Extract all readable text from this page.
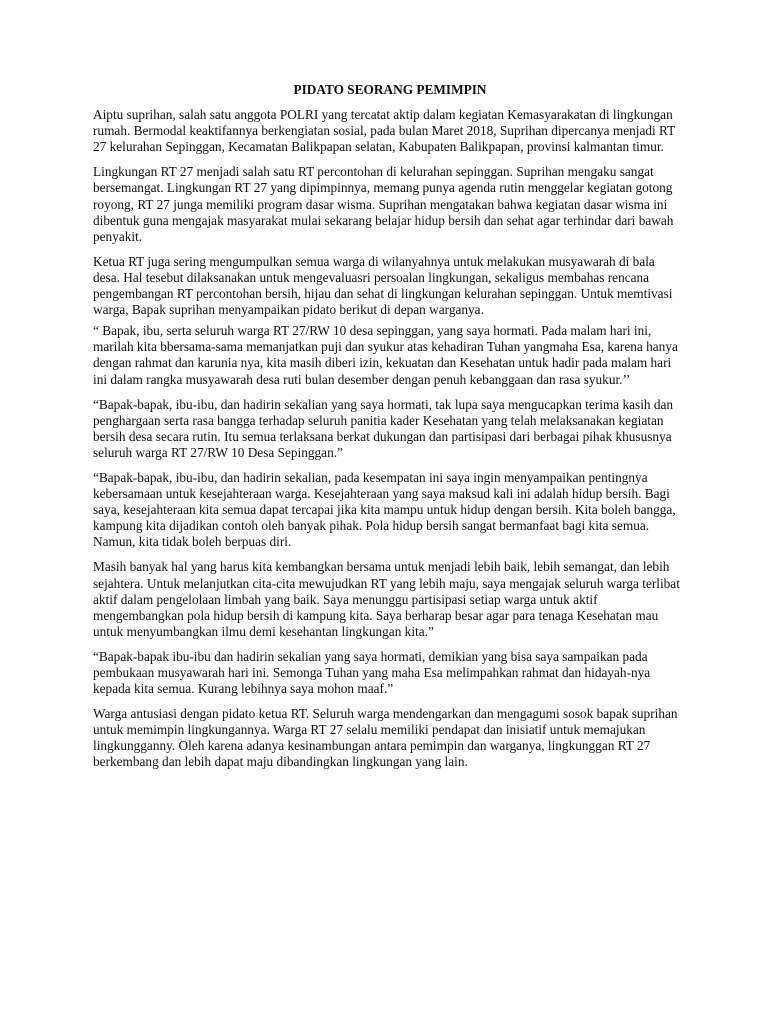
PIDATO SEORANG PEMIMPIN

Aiptu suprihan, salah satu anggota POLRI yang tercatat aktip dalam kegiatan Kemasyarakatan di lingkungan rumah. Bermodal keaktifannya berkengiatan sosial, pada bulan Maret 2018, Suprihan dipercanya menjadi RT 27 kelurahan Sepinggan, Kecamatan Balikpapan selatan, Kabupaten Balikpapan, provinsi kalmantan timur.

Lingkungan RT 27 menjadi salah satu RT percontohan di kelurahan sepinggan. Suprihan mengaku sangat bersemangat. Lingkungan RT 27 yang dipimpinnya, memang punya agenda rutin menggelar kegiatan gotong royong, RT 27 junga memiliki program dasar wisma. Suprihan mengatakan bahwa kegiatan dasar wisma ini dibentuk guna mengajak masyarakat mulai sekarang belajar hidup bersih dan sehat agar terhindar dari bawah penyakit.

Ketua RT juga sering mengumpulkan semua warga di wilanyahnya untuk melakukan musyawarah di bala desa. Hal tesebut dilaksanakan untuk mengevaluasri persoalan lingkungan, sekaligus membahas rencana pengembangan RT percontohan bersih, hijau dan sehat di lingkungan kelurahan sepinggan. Untuk memtivasi warga, Bapak suprihan menyampaikan pidato berikut di depan warganya.

“ Bapak, ibu, serta seluruh warga RT 27/RW 10 desa sepinggan, yang saya hormati. Pada malam hari ini, marilah kita bbersama-sama memanjatkan puji dan syukur atas kehadiran Tuhan yangmaha Esa, karena hanya dengan rahmat dan karunia nya, kita masih diberi izin, kekuatan dan Kesehatan untuk hadir pada malam hari ini dalam rangka musyawarah desa ruti bulan desember dengan penuh kebanggaan dan rasa syukur.’’

“Bapak-bapak, ibu-ibu, dan hadirin sekalian yang saya hormati, tak lupa saya mengucapkan terima kasih dan penghargaan serta rasa bangga terhadap seluruh panitia kader Kesehatan yang telah melaksanakan kegiatan bersih desa secara rutin. Itu semua terlaksana berkat dukungan dan partisipasi dari berbagai pihak khususnya seluruh warga RT 27/RW 10 Desa Sepinggan.”

“Bapak-bapak, ibu-ibu, dan hadirin sekalian, pada kesempatan ini saya ingin menyampaikan pentingnya kebersamaan untuk kesejahteraan warga. Kesejahteraan yang saya maksud kali ini adalah hidup bersih. Bagi saya, kesejahteraan kita semua dapat tercapai jika kita mampu untuk hidup dengan bersih. Kita boleh bangga, kampung kita dijadikan contoh oleh banyak pihak. Pola hidup bersih sangat bermanfaat bagi kita semua. Namun, kita tidak boleh berpuas diri.

Masih banyak hal yang harus kita kembangkan bersama untuk menjadi lebih baik, lebih semangat, dan lebih sejahtera. Untuk melanjutkan cita-cita mewujudkan RT yang lebih maju, saya mengajak seluruh warga terlibat aktif dalam pengelolaan limbah yang baik. Saya menunggu partisipasi setiap warga untuk aktif mengembangkan pola hidup bersih di kampung kita. Saya berharap besar agar para tenaga Kesehatan mau untuk menyumbangkan ilmu demi kesehantan lingkungan kita.”

“Bapak-bapak ibu-ibu dan hadirin sekalian yang saya hormati, demikian yang bisa saya sampaikan pada pembukaan musyawarah hari ini. Semonga Tuhan yang maha Esa melimpahkan rahmat dan hidayah-nya kepada kita semua. Kurang lebihnya saya mohon maaf.”

Warga antusiasi dengan pidato ketua RT. Seluruh warga mendengarkan dan mengagumi sosok bapak suprihan untuk memimpin lingkungannya. Warga RT 27 selalu memiliki pendapat dan inisiatif untuk memajukan lingkungganny. Oleh karena adanya kesinambungan antara pemimpin dan warganya, lingkunggan RT 27 berkembang dan lebih dapat maju dibandingkan lingkungan yang lain.
